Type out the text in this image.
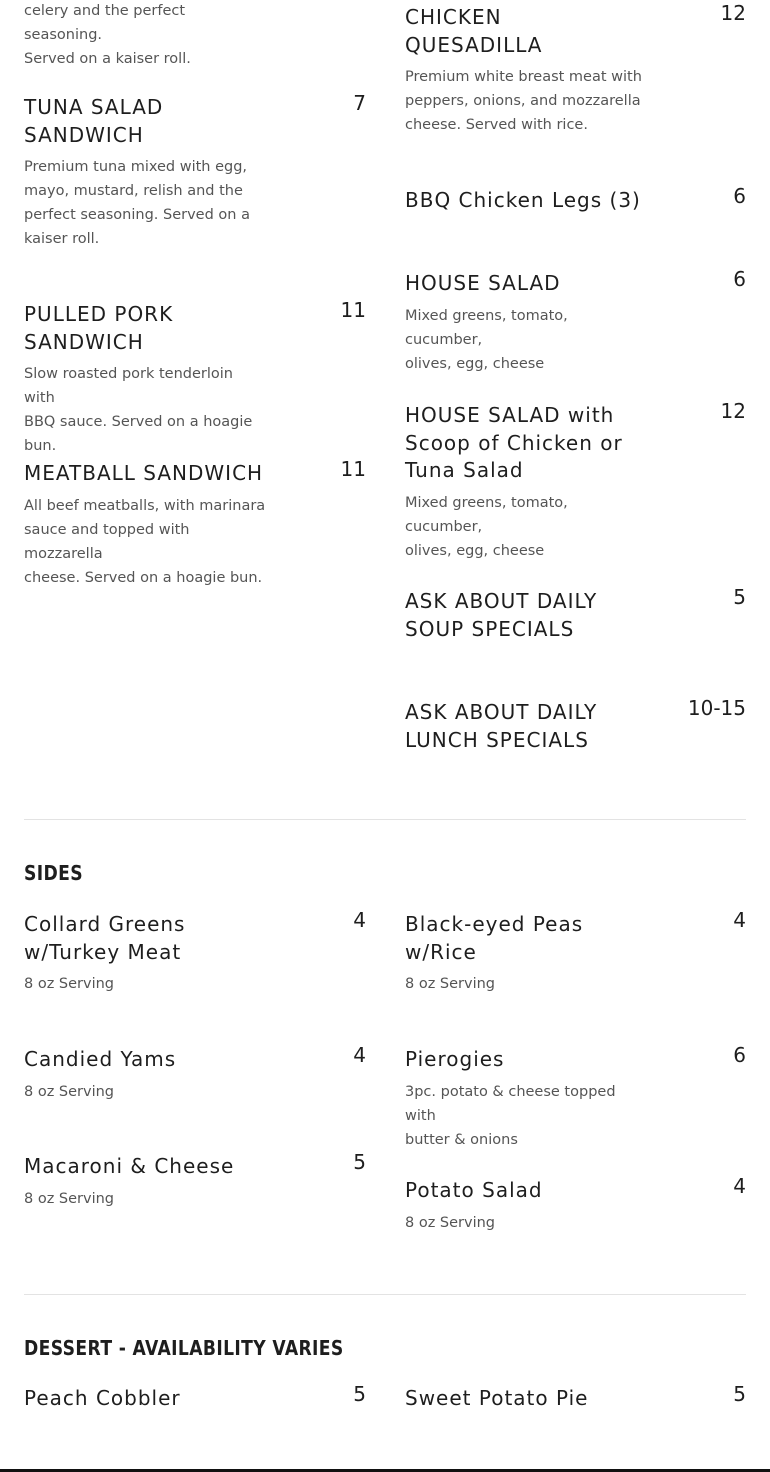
celery and the perfect seasoning.
Served on a kaiser roll.
TUNA SALAD
SANDWICH
7
Premium tuna mixed with egg,
mayo, mustard, relish and the
perfect seasoning. Served on a
kaiser roll.
PULLED PORK
SANDWICH
11
Slow roasted pork tenderloin with
BBQ sauce. Served on a hoagie bun.
MEATBALL SANDWICH	11
All beef meatballs, with marinara
sauce and topped with mozzarella
cheese. Served on a hoagie bun.
CHICKEN
QUESADILLA
12
Premium white breast meat with
peppers, onions, and mozzarella
cheese. Served with rice.
BBQ Chicken Legs (3)	6
HOUSE SALAD	6
Mixed greens, tomato, cucumber,
olives, egg, cheese
HOUSE SALAD with
Scoop of Chicken or
Tuna Salad
12
Mixed greens, tomato, cucumber,
olives, egg, cheese
ASK ABOUT DAILY
SOUP SPECIALS
5
ASK ABOUT DAILY
LUNCH SPECIALS
10-15
SIDES
Collard Greens
w/Turkey Meat
4
8 oz Serving
Candied Yams	4
8 oz Serving
Macaroni & Cheese	5
8 oz Serving
Black-eyed Peas
w/Rice
4
8 oz Serving
Pierogies	6
3pc. potato & cheese topped with
butter & onions
Potato Salad	4
8 oz Serving
DESSERT - AVAILABILITY VARIES
Peach Cobbler	5 Sweet Potato Pie	5
